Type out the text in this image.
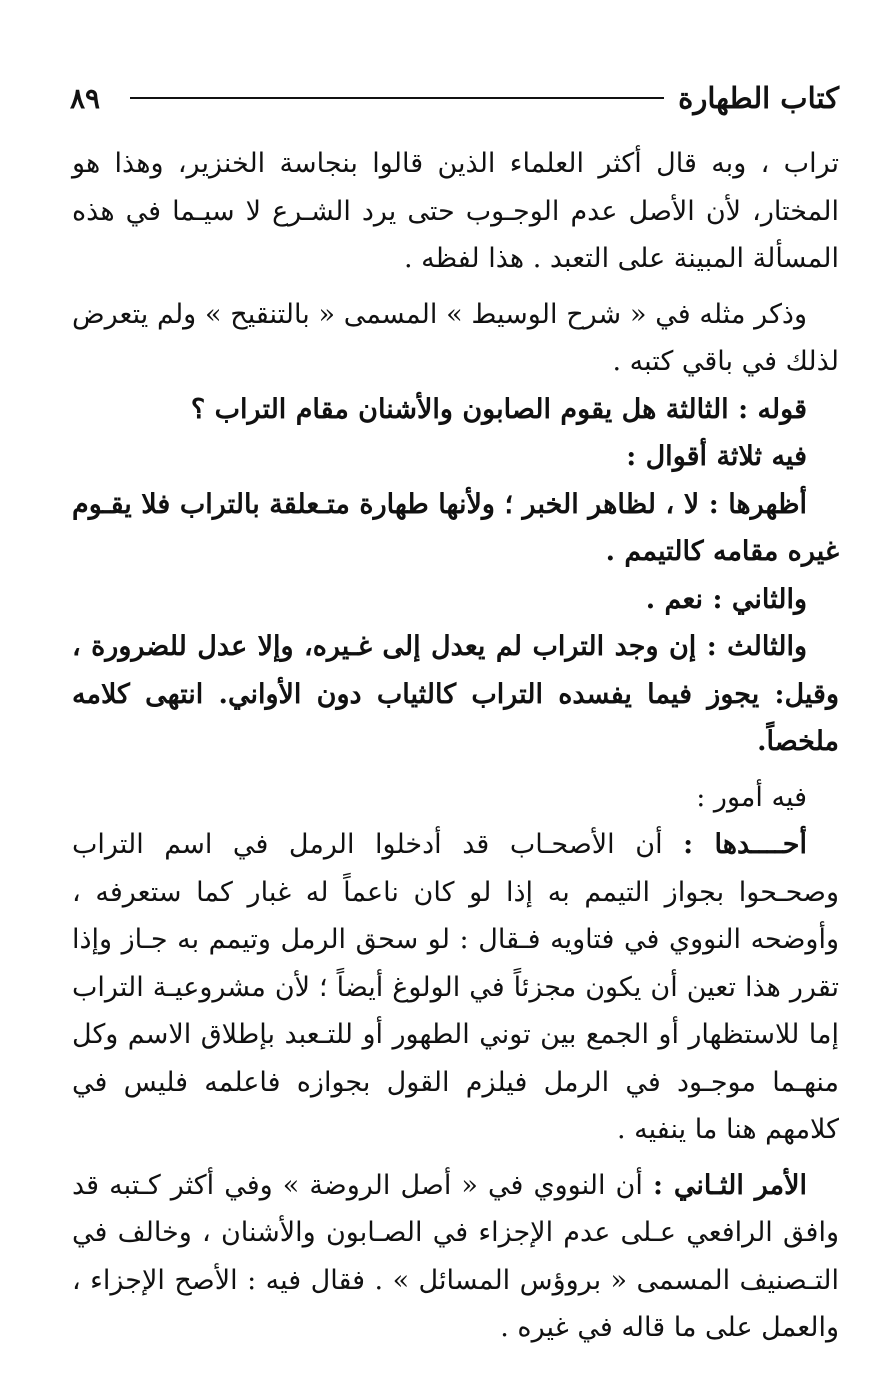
٨٩	كتاب الطهارة

تراب ، وبه قال أكثر العلماء الذين قالوا بنجاسة الخنزير، وهذا هو المختار، لأن الأصل عدم الوجـوب حتى يرد الشـرع لا سيـما في هذه المسألة المبينة على التعبد . هذا لفظه .

وذكر مثله في « شرح الوسيط » المسمى « بالتنقيح » ولم يتعرض لذلك في باقي كتبه .

قوله : الثالثة هل يقوم الصابون والأشنان مقام التراب ؟

فيه ثلاثة أقوال :

أظهرها : لا ، لظاهر الخبر ؛ ولأنها طهارة متـعلقة بالتراب فلا يقـوم غيره مقامه كالتيمم .

والثاني : نعم .

والثالث : إن وجد التراب لم يعدل إلى غـيره، وإلا عدل للضرورة ، وقيل: يجوز فيما يفسده التراب كالثياب دون الأواني. انتهى كلامه ملخصاً.

فيه أمور :

أحــــدها : أن الأصحـاب قد أدخلوا الرمل في اسم التراب وصحـحوا بجواز التيمم به إذا لو كان ناعماً له غبار كما ستعرفه ، وأوضحه النووي في فتاويه فـقال : لو سحق الرمل وتيمم به جـاز وإذا تقرر هذا تعين أن يكون مجزئاً في الولوغ أيضاً ؛ لأن مشروعيـة التراب إما للاستظهار أو الجمع بين توني الطهور أو للتـعبد بإطلاق الاسم وكل منهـما موجـود في الرمل فيلزم القول بجوازه فاعلمه فليس في كلامهم هنا ما ينفيه .

الأمر الثـاني : أن النووي في « أصل الروضة » وفي أكثر كـتبه قد وافق الرافعي عـلى عدم الإجزاء في الصـابون والأشنان ، وخالف في التـصنيف المسمى « بروؤس المسائل » . فقال فيه : الأصح الإجزاء ، والعمل على ما قاله في غيره .
